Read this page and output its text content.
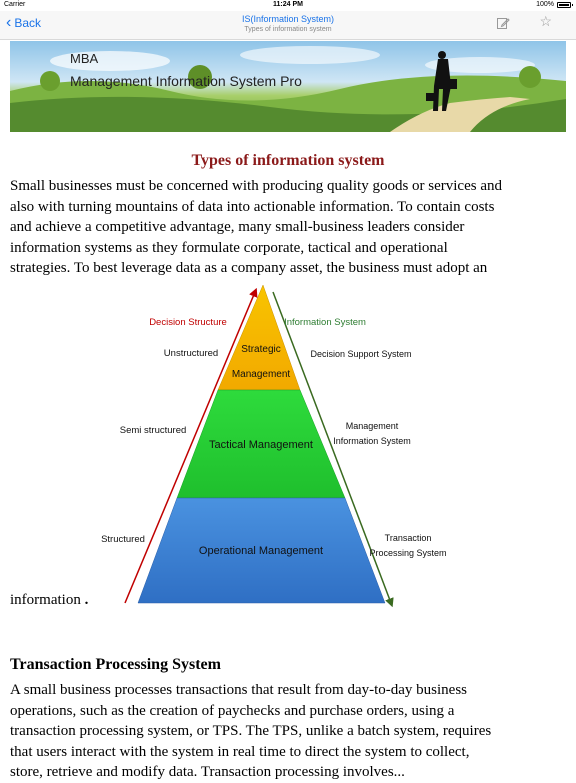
Carrier	11:24 PM	100%
‹ Back	IS(Information System)
Types of information system
☆
MBA
Management Information System Pro
Types of information system
Small businesses must be concerned with producing quality goods or services and
also with turning mountains of data into actionable information. To contain costs
and achieve a competitive advantage, many small-business leaders consider
information systems as they formulate corporate, tactical and operational
strategies. To best leverage data as a company asset, the business must adopt an
Decision Structure	Information System
Unstructured Strategic
Management
Decision Support System
Semi structured
Tactical Management
Management
Information System
Structured
Operational Management
Transaction
Processing System
information .
Transaction Processing System
A small business processes transactions that result from day-to-day business
operations, such as the creation of paychecks and purchase orders, using a
transaction processing system, or TPS. The TPS, unlike a batch system, requires
that users interact with the system in real time to direct the system to collect,
store, retrieve and modify data. Transaction processing involves...
